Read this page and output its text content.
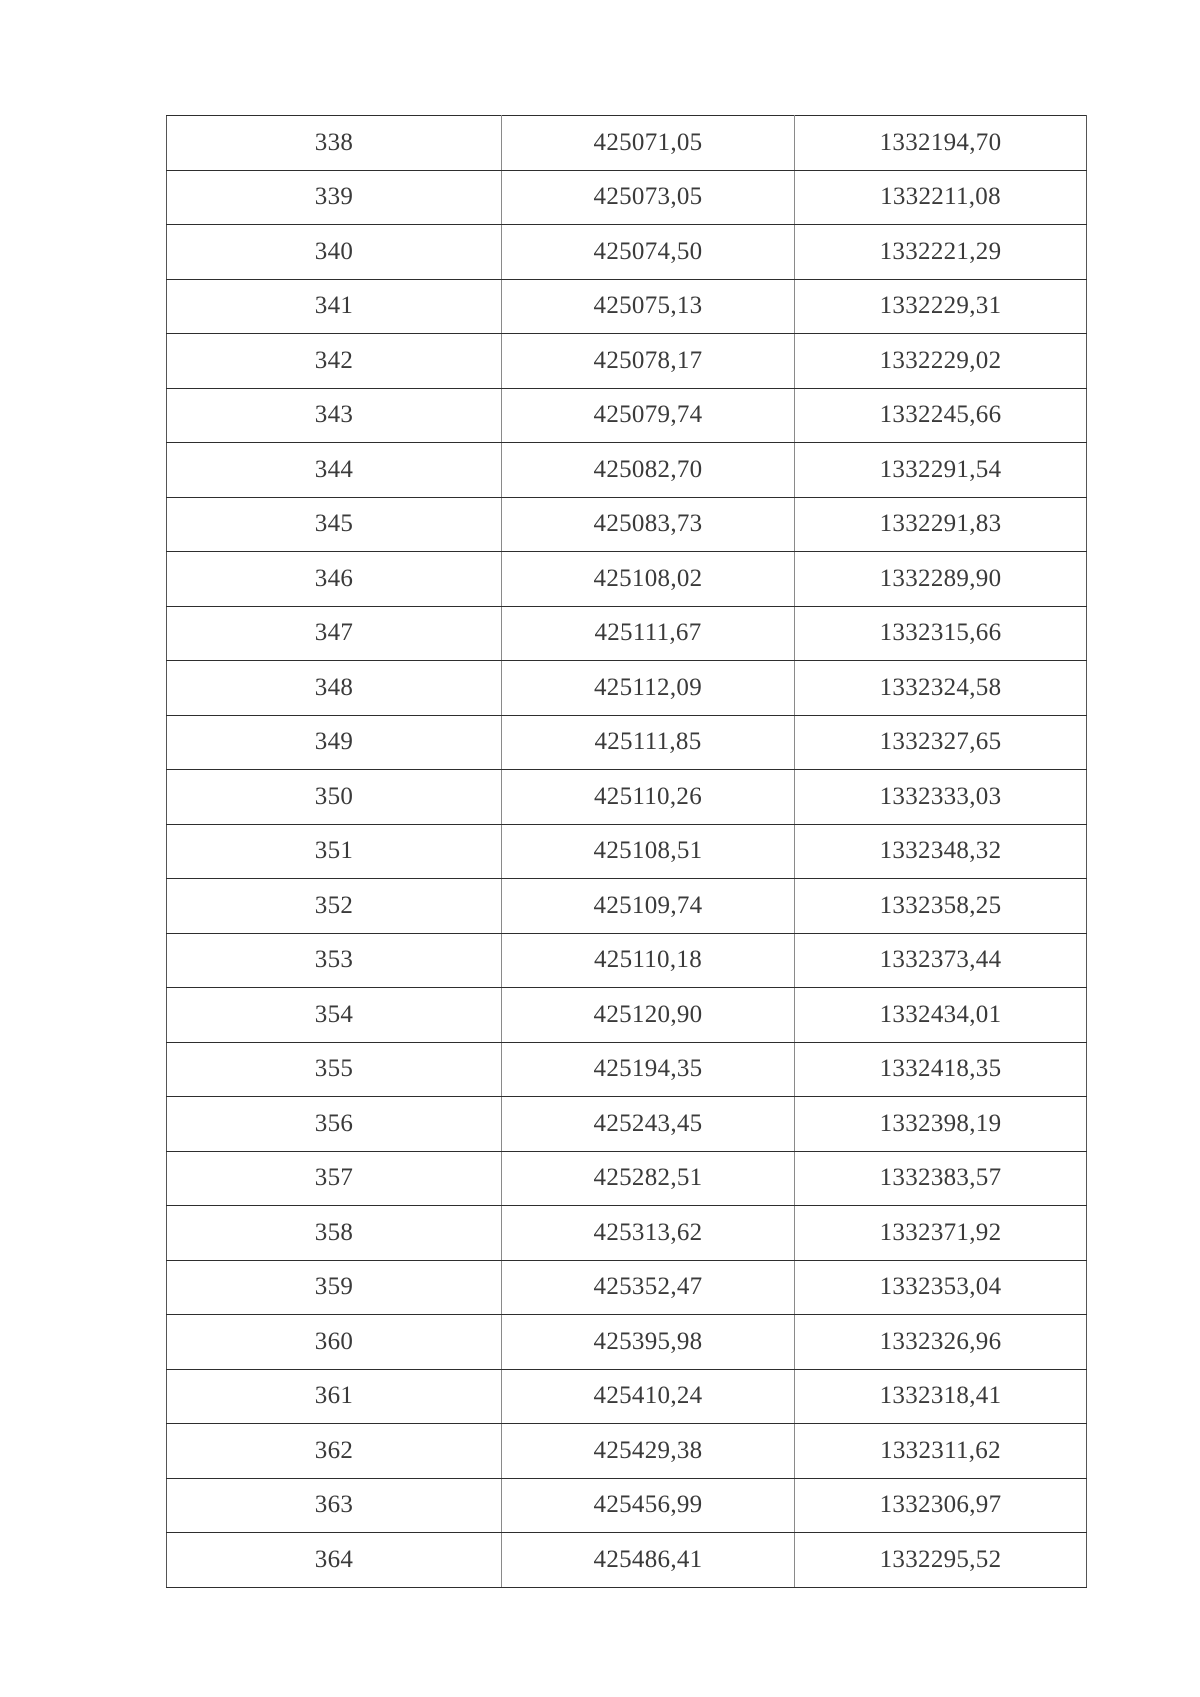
338	425071,05	1332194,70
339	425073,05	1332211,08
340	425074,50	1332221,29
341	425075,13	1332229,31
342	425078,17	1332229,02
343	425079,74	1332245,66
344	425082,70	1332291,54
345	425083,73	1332291,83
346	425108,02	1332289,90
347	425111,67	1332315,66
348	425112,09	1332324,58
349	425111,85	1332327,65
350	425110,26	1332333,03
351	425108,51	1332348,32
352	425109,74	1332358,25
353	425110,18	1332373,44
354	425120,90	1332434,01
355	425194,35	1332418,35
356	425243,45	1332398,19
357	425282,51	1332383,57
358	425313,62	1332371,92
359	425352,47	1332353,04
360	425395,98	1332326,96
361	425410,24	1332318,41
362	425429,38	1332311,62
363	425456,99	1332306,97
364	425486,41	1332295,52
